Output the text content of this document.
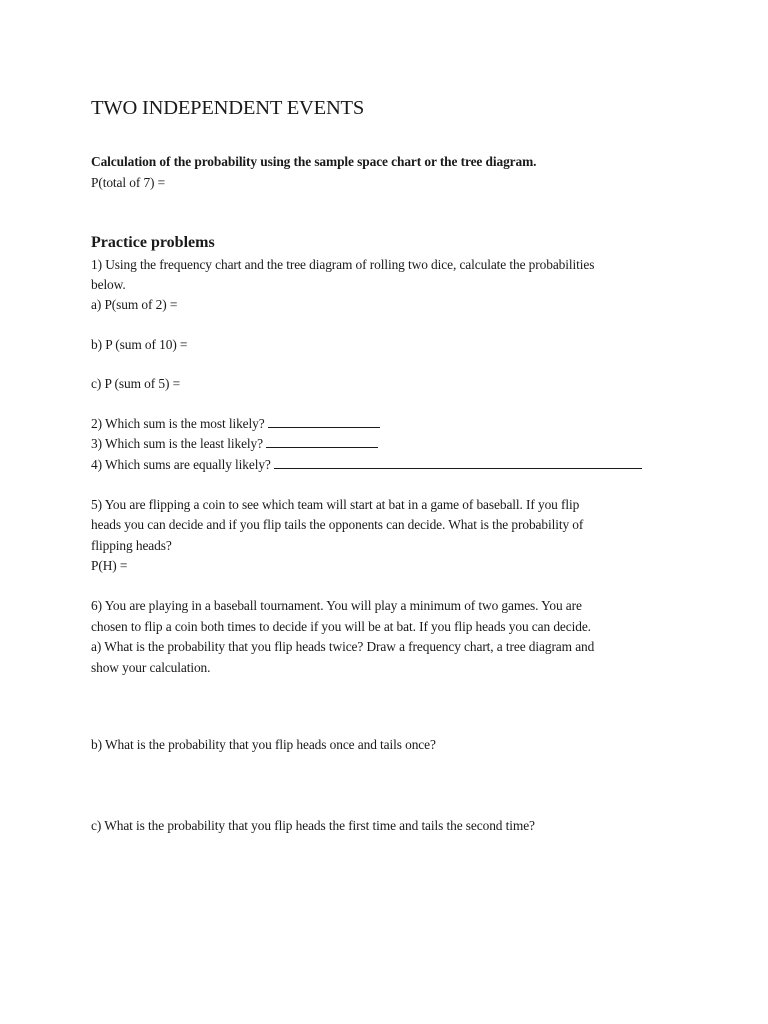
TWO INDEPENDENT EVENTS
Calculation of the probability using the sample space chart or the tree diagram.
P(total of 7) =
Practice problems
1) Using the frequency chart and the tree diagram of rolling two dice, calculate the probabilities
below.
a) P(sum of 2) =
b) P (sum of 10) =
c) P (sum of 5) =
2) Which sum is the most likely?
3) Which sum is the least likely?
4) Which sums are equally likely?
5) You are flipping a coin to see which team will start at bat in a game of baseball. If you flip
heads you can decide and if you flip tails the opponents can decide. What is the probability of
flipping heads?
P(H) =
6) You are playing in a baseball tournament. You will play a minimum of two games. You are
chosen to flip a coin both times to decide if you will be at bat. If you flip heads you can decide.
a) What is the probability that you flip heads twice? Draw a frequency chart, a tree diagram and
show your calculation.
b) What is the probability that you flip heads once and tails once?
c) What is the probability that you flip heads the first time and tails the second time?
